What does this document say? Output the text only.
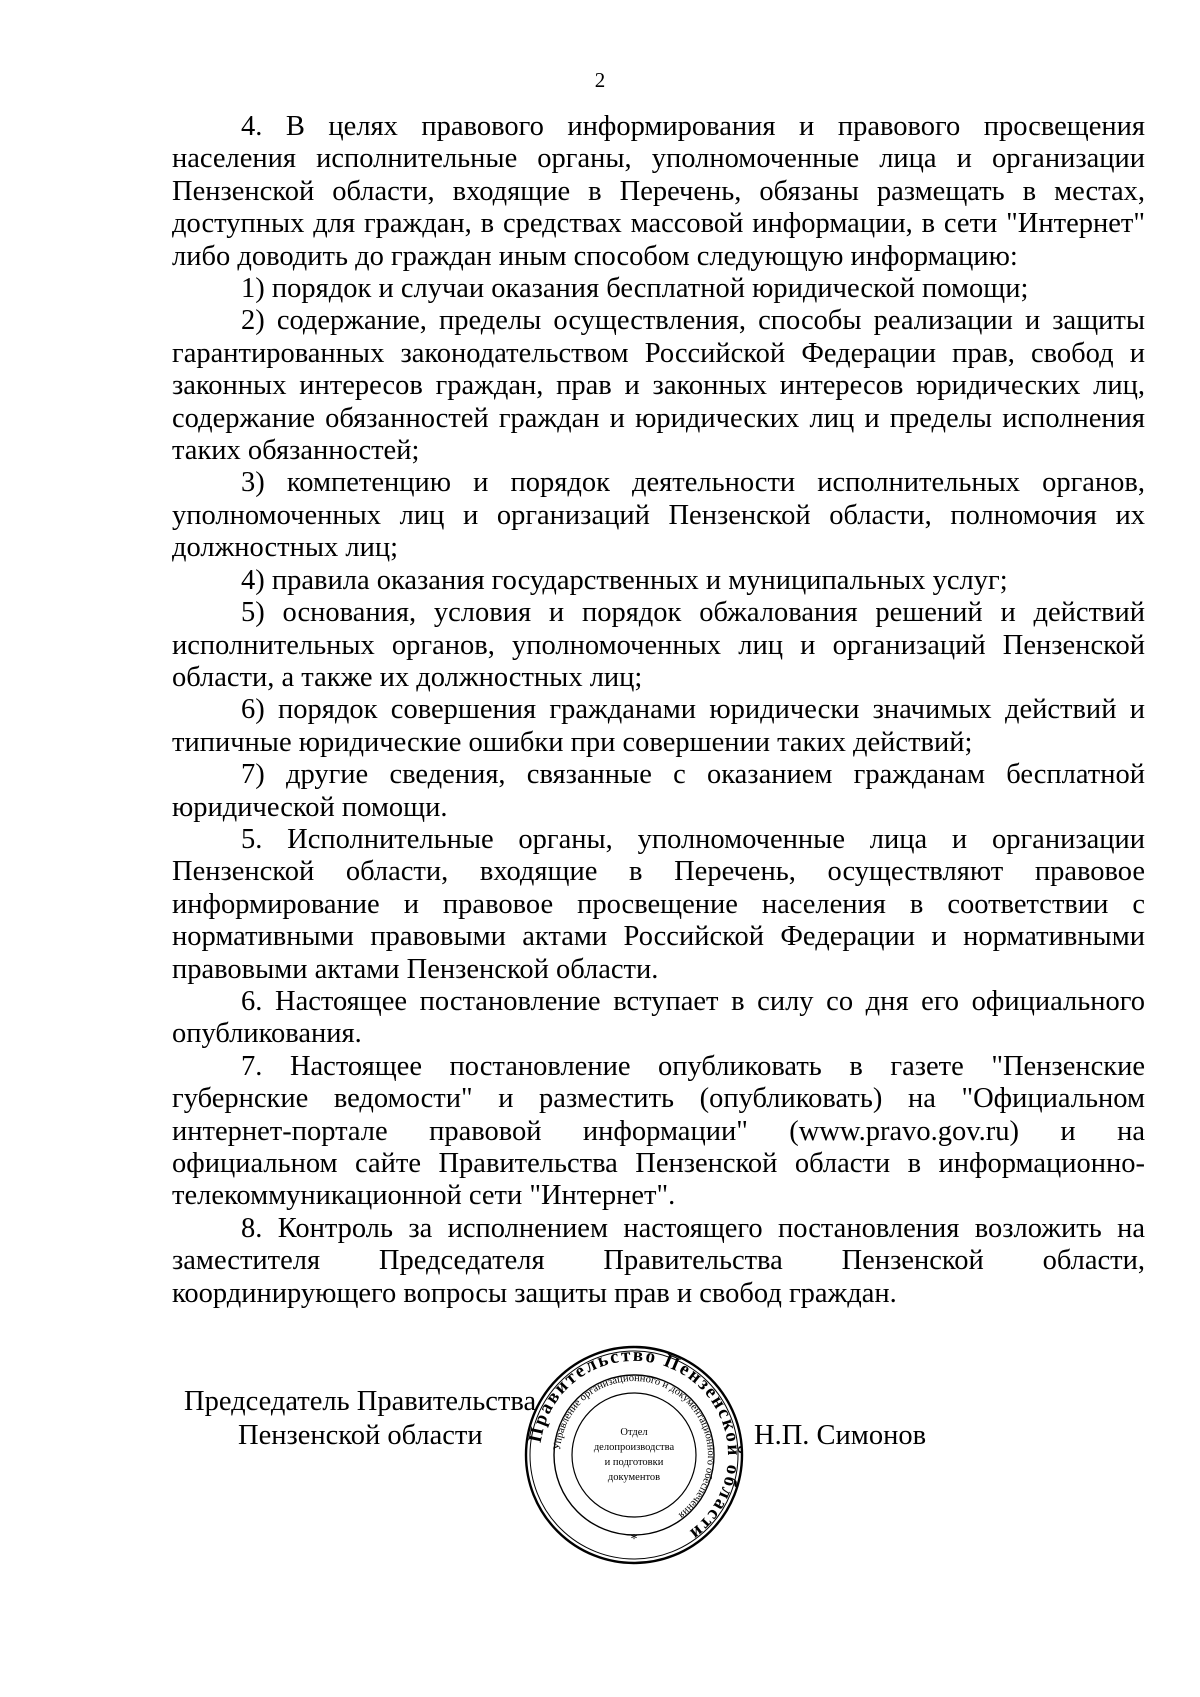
2

4. В целях правового информирования и правового просвещения населения исполнительные органы, уполномоченные лица и организации Пензенской области, входящие в Перечень, обязаны размещать в местах, доступных для граждан, в средствах массовой информации, в сети "Интернет" либо доводить до граждан иным способом следующую информацию:

1) порядок и случаи оказания бесплатной юридической помощи;

2) содержание, пределы осуществления, способы реализации и защиты гарантированных законодательством Российской Федерации прав, свобод и законных интересов граждан, прав и законных интересов юридических лиц, содержание обязанностей граждан и юридических лиц и пределы исполнения таких обязанностей;

3) компетенцию и порядок деятельности исполнительных органов, уполномоченных лиц и организаций Пензенской области, полномочия их должностных лиц;

4) правила оказания государственных и муниципальных услуг;

5) основания, условия и порядок обжалования решений и действий исполнительных органов, уполномоченных лиц и организаций Пензенской области, а также их должностных лиц;

6) порядок совершения гражданами юридически значимых действий и типичные юридические ошибки при совершении таких действий;

7) другие сведения, связанные с оказанием гражданам бесплатной юридической помощи.

5. Исполнительные органы, уполномоченные лица и организации Пензенской области, входящие в Перечень, осуществляют правовое информирование и правовое просвещение населения в соответствии с нормативными правовыми актами Российской Федерации и нормативными правовыми актами Пензенской области.

6. Настоящее постановление вступает в силу со дня его официального опубликования.

7. Настоящее постановление опубликовать в газете "Пензенские губернские ведомости" и разместить (опубликовать) на "Официальном интернет-портале правовой информации" (www.pravo.gov.ru) и на официальном сайте Правительства Пензенской области в информационно-телекоммуникационной сети "Интернет".

8. Контроль за исполнением настоящего постановления возложить на заместителя Председателя Правительства Пензенской области, координирующего вопросы защиты прав и свобод граждан.

Председатель Правительства
Пензенской области	Н.П. Симонов
Правительство Пензенской области
Управление организационного и документационного обеспечения
Отдел
делопроизводства
и подготовки
документов
*
